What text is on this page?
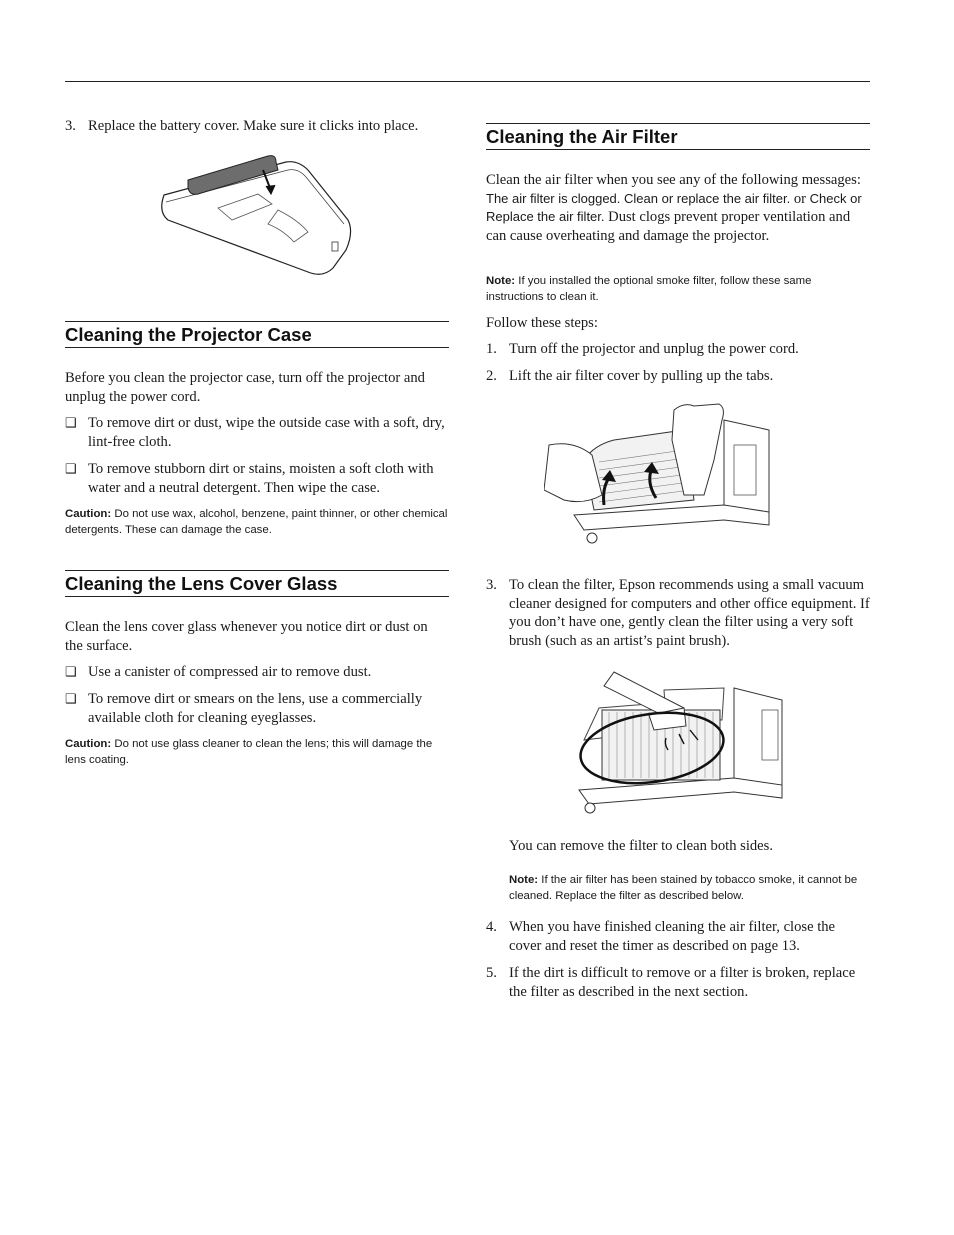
3. Replace the battery cover. Make sure it clicks into place.
Cleaning the Projector Case
Before you clean the projector case, turn off the projector and unplug the power cord.
❑ To remove dirt or dust, wipe the outside case with a soft, dry, lint-free cloth.
❑ To remove stubborn dirt or stains, moisten a soft cloth with water and a neutral detergent. Then wipe the case.
Caution: Do not use wax, alcohol, benzene, paint thinner, or other chemical detergents. These can damage the case.
Cleaning the Lens Cover Glass
Clean the lens cover glass whenever you notice dirt or dust on the surface.
❑ Use a canister of compressed air to remove dust.
❑ To remove dirt or smears on the lens, use a commercially available cloth for cleaning eyeglasses.
Caution: Do not use glass cleaner to clean the lens; this will damage the lens coating.
Cleaning the Air Filter
Clean the air filter when you see any of the following messages: The air filter is clogged. Clean or replace the air filter. or Check or Replace the air filter. Dust clogs prevent proper ventilation and can cause overheating and damage the projector.
Note: If you installed the optional smoke filter, follow these same instructions to clean it.
Follow these steps:
1. Turn off the projector and unplug the power cord.
2. Lift the air filter cover by pulling up the tabs.
3. To clean the filter, Epson recommends using a small vacuum cleaner designed for computers and other office equipment. If you don’t have one, gently clean the filter using a very soft brush (such as an artist’s paint brush).
You can remove the filter to clean both sides.
Note: If the air filter has been stained by tobacco smoke, it cannot be cleaned. Replace the filter as described below.
4. When you have finished cleaning the air filter, close the cover and reset the timer as described on page 13.
5. If the dirt is difficult to remove or a filter is broken, replace the filter as described in the next section.
